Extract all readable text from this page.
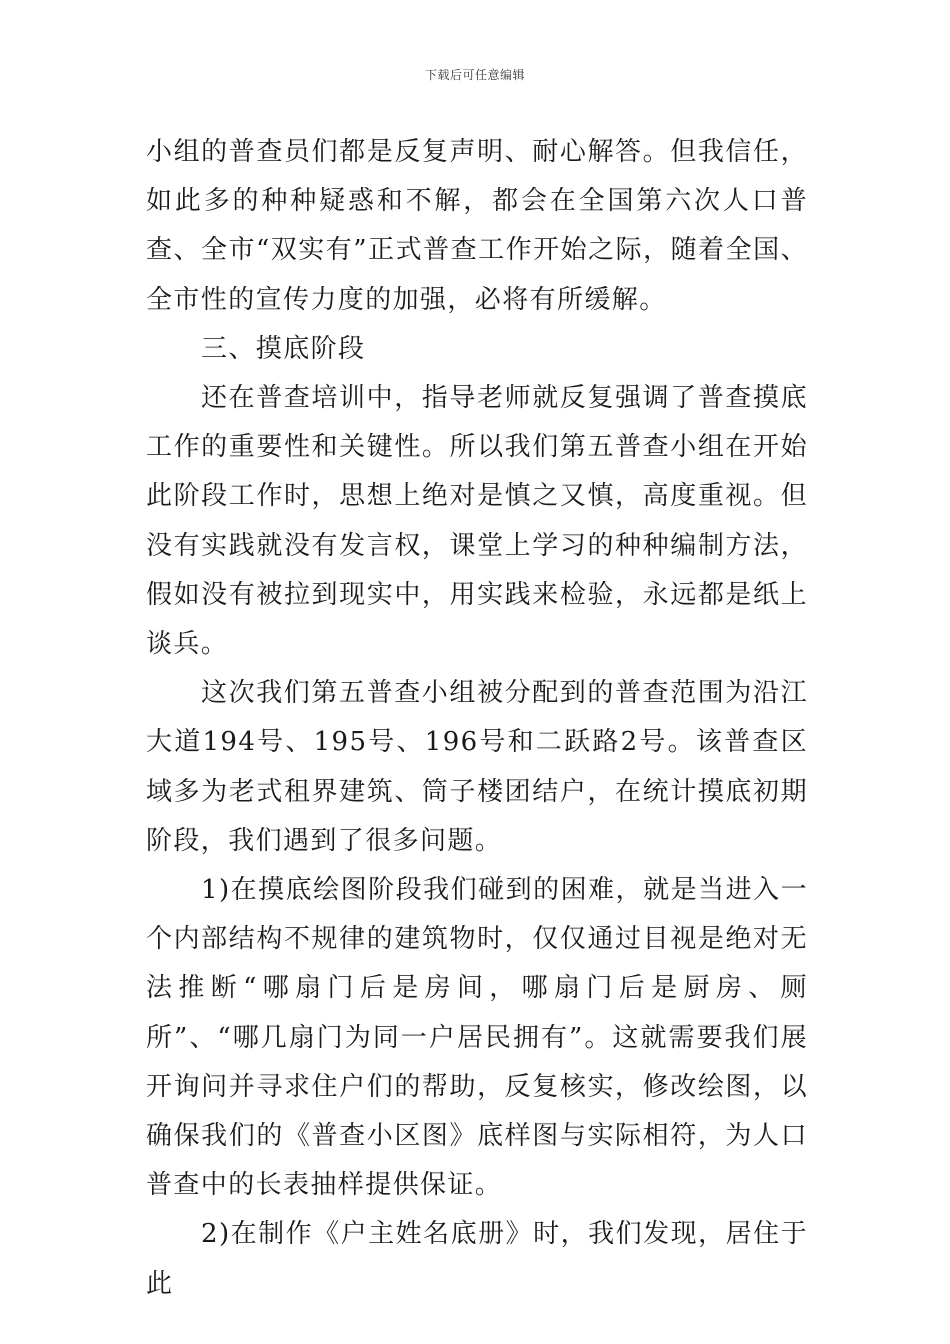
下载后可任意编辑

小组的普查员们都是反复声明、耐心解答。但我信任，如此多的种种疑惑和不解，都会在全国第六次人口普查、全市“双实有”正式普查工作开始之际，随着全国、全市性的宣传力度的加强，必将有所缓解。

三、摸底阶段

还在普查培训中，指导老师就反复强调了普查摸底工作的重要性和关键性。所以我们第五普查小组在开始此阶段工作时，思想上绝对是慎之又慎，高度重视。但没有实践就没有发言权，课堂上学习的种种编制方法，假如没有被拉到现实中，用实践来检验，永远都是纸上谈兵。

这次我们第五普查小组被分配到的普查范围为沿江大道194号、195号、196号和二跃路2号。该普查区域多为老式租界建筑、筒子楼团结户，在统计摸底初期阶段，我们遇到了很多问题。

1)在摸底绘图阶段我们碰到的困难，就是当进入一个内部结构不规律的建筑物时，仅仅通过目视是绝对无法推断“哪扇门后是房间，哪扇门后是厨房、厕所”、“哪几扇门为同一户居民拥有”。这就需要我们展开询问并寻求住户们的帮助，反复核实，修改绘图，以确保我们的《普查小区图》底样图与实际相符，为人口普查中的长表抽样提供保证。

2)在制作《户主姓名底册》时，我们发现，居住于此
